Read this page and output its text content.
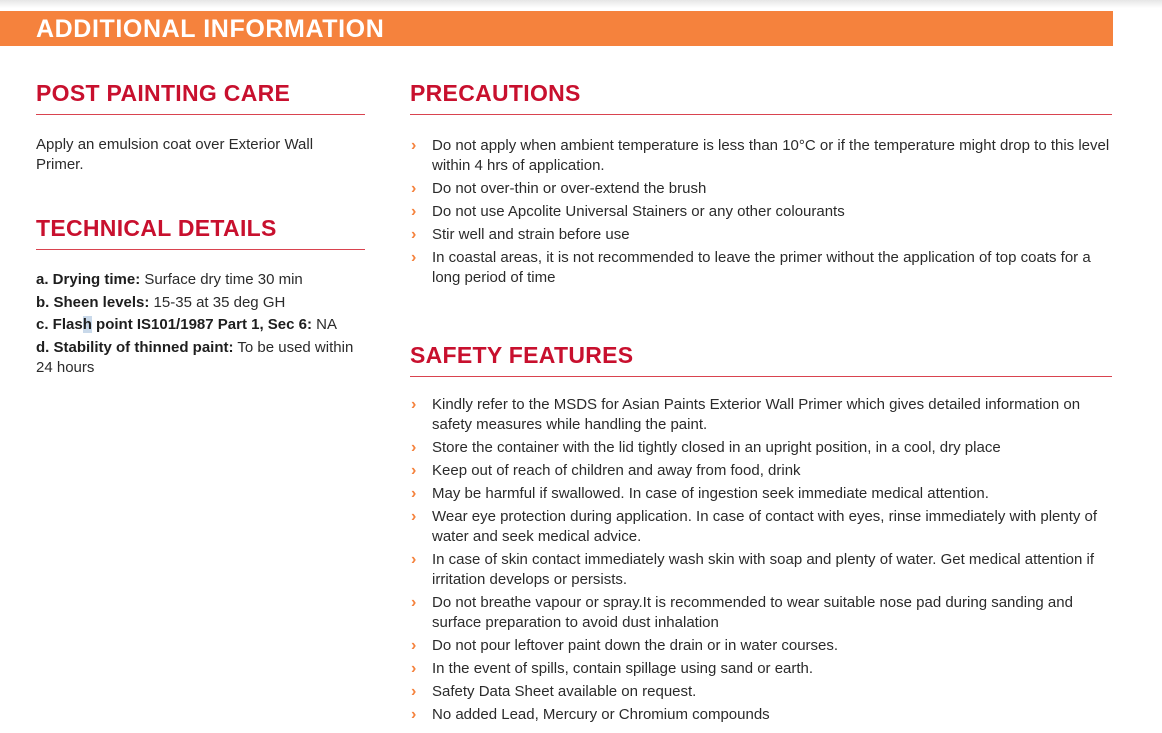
ADDITIONAL INFORMATION
POST PAINTING CARE
Apply an emulsion coat over Exterior Wall Primer.
TECHNICAL DETAILS
a. Drying time: Surface dry time 30 min
b. Sheen levels: 15-35 at 35 deg GH
c. Flash point IS101/1987 Part 1, Sec 6: NA
d. Stability of thinned paint: To be used within 24 hours
PRECAUTIONS
› Do not apply when ambient temperature is less than 10°C or if the temperature might drop to this level within 4 hrs of application.
› Do not over-thin or over-extend the brush
› Do not use Apcolite Universal Stainers or any other colourants
› Stir well and strain before use
› In coastal areas, it is not recommended to leave the primer without the application of top coats for a long period of time
SAFETY FEATURES
› Kindly refer to the MSDS for Asian Paints Exterior Wall Primer which gives detailed information on safety measures while handling the paint.
› Store the container with the lid tightly closed in an upright position, in a cool, dry place
› Keep out of reach of children and away from food, drink
› May be harmful if swallowed. In case of ingestion seek immediate medical attention.
› Wear eye protection during application. In case of contact with eyes, rinse immediately with plenty of water and seek medical advice.
› In case of skin contact immediately wash skin with soap and plenty of water. Get medical attention if irritation develops or persists.
› Do not breathe vapour or spray.It is recommended to wear suitable nose pad during sanding and surface preparation to avoid dust inhalation
› Do not pour leftover paint down the drain or in water courses.
› In the event of spills, contain spillage using sand or earth.
› Safety Data Sheet available on request.
› No added Lead, Mercury or Chromium compounds
